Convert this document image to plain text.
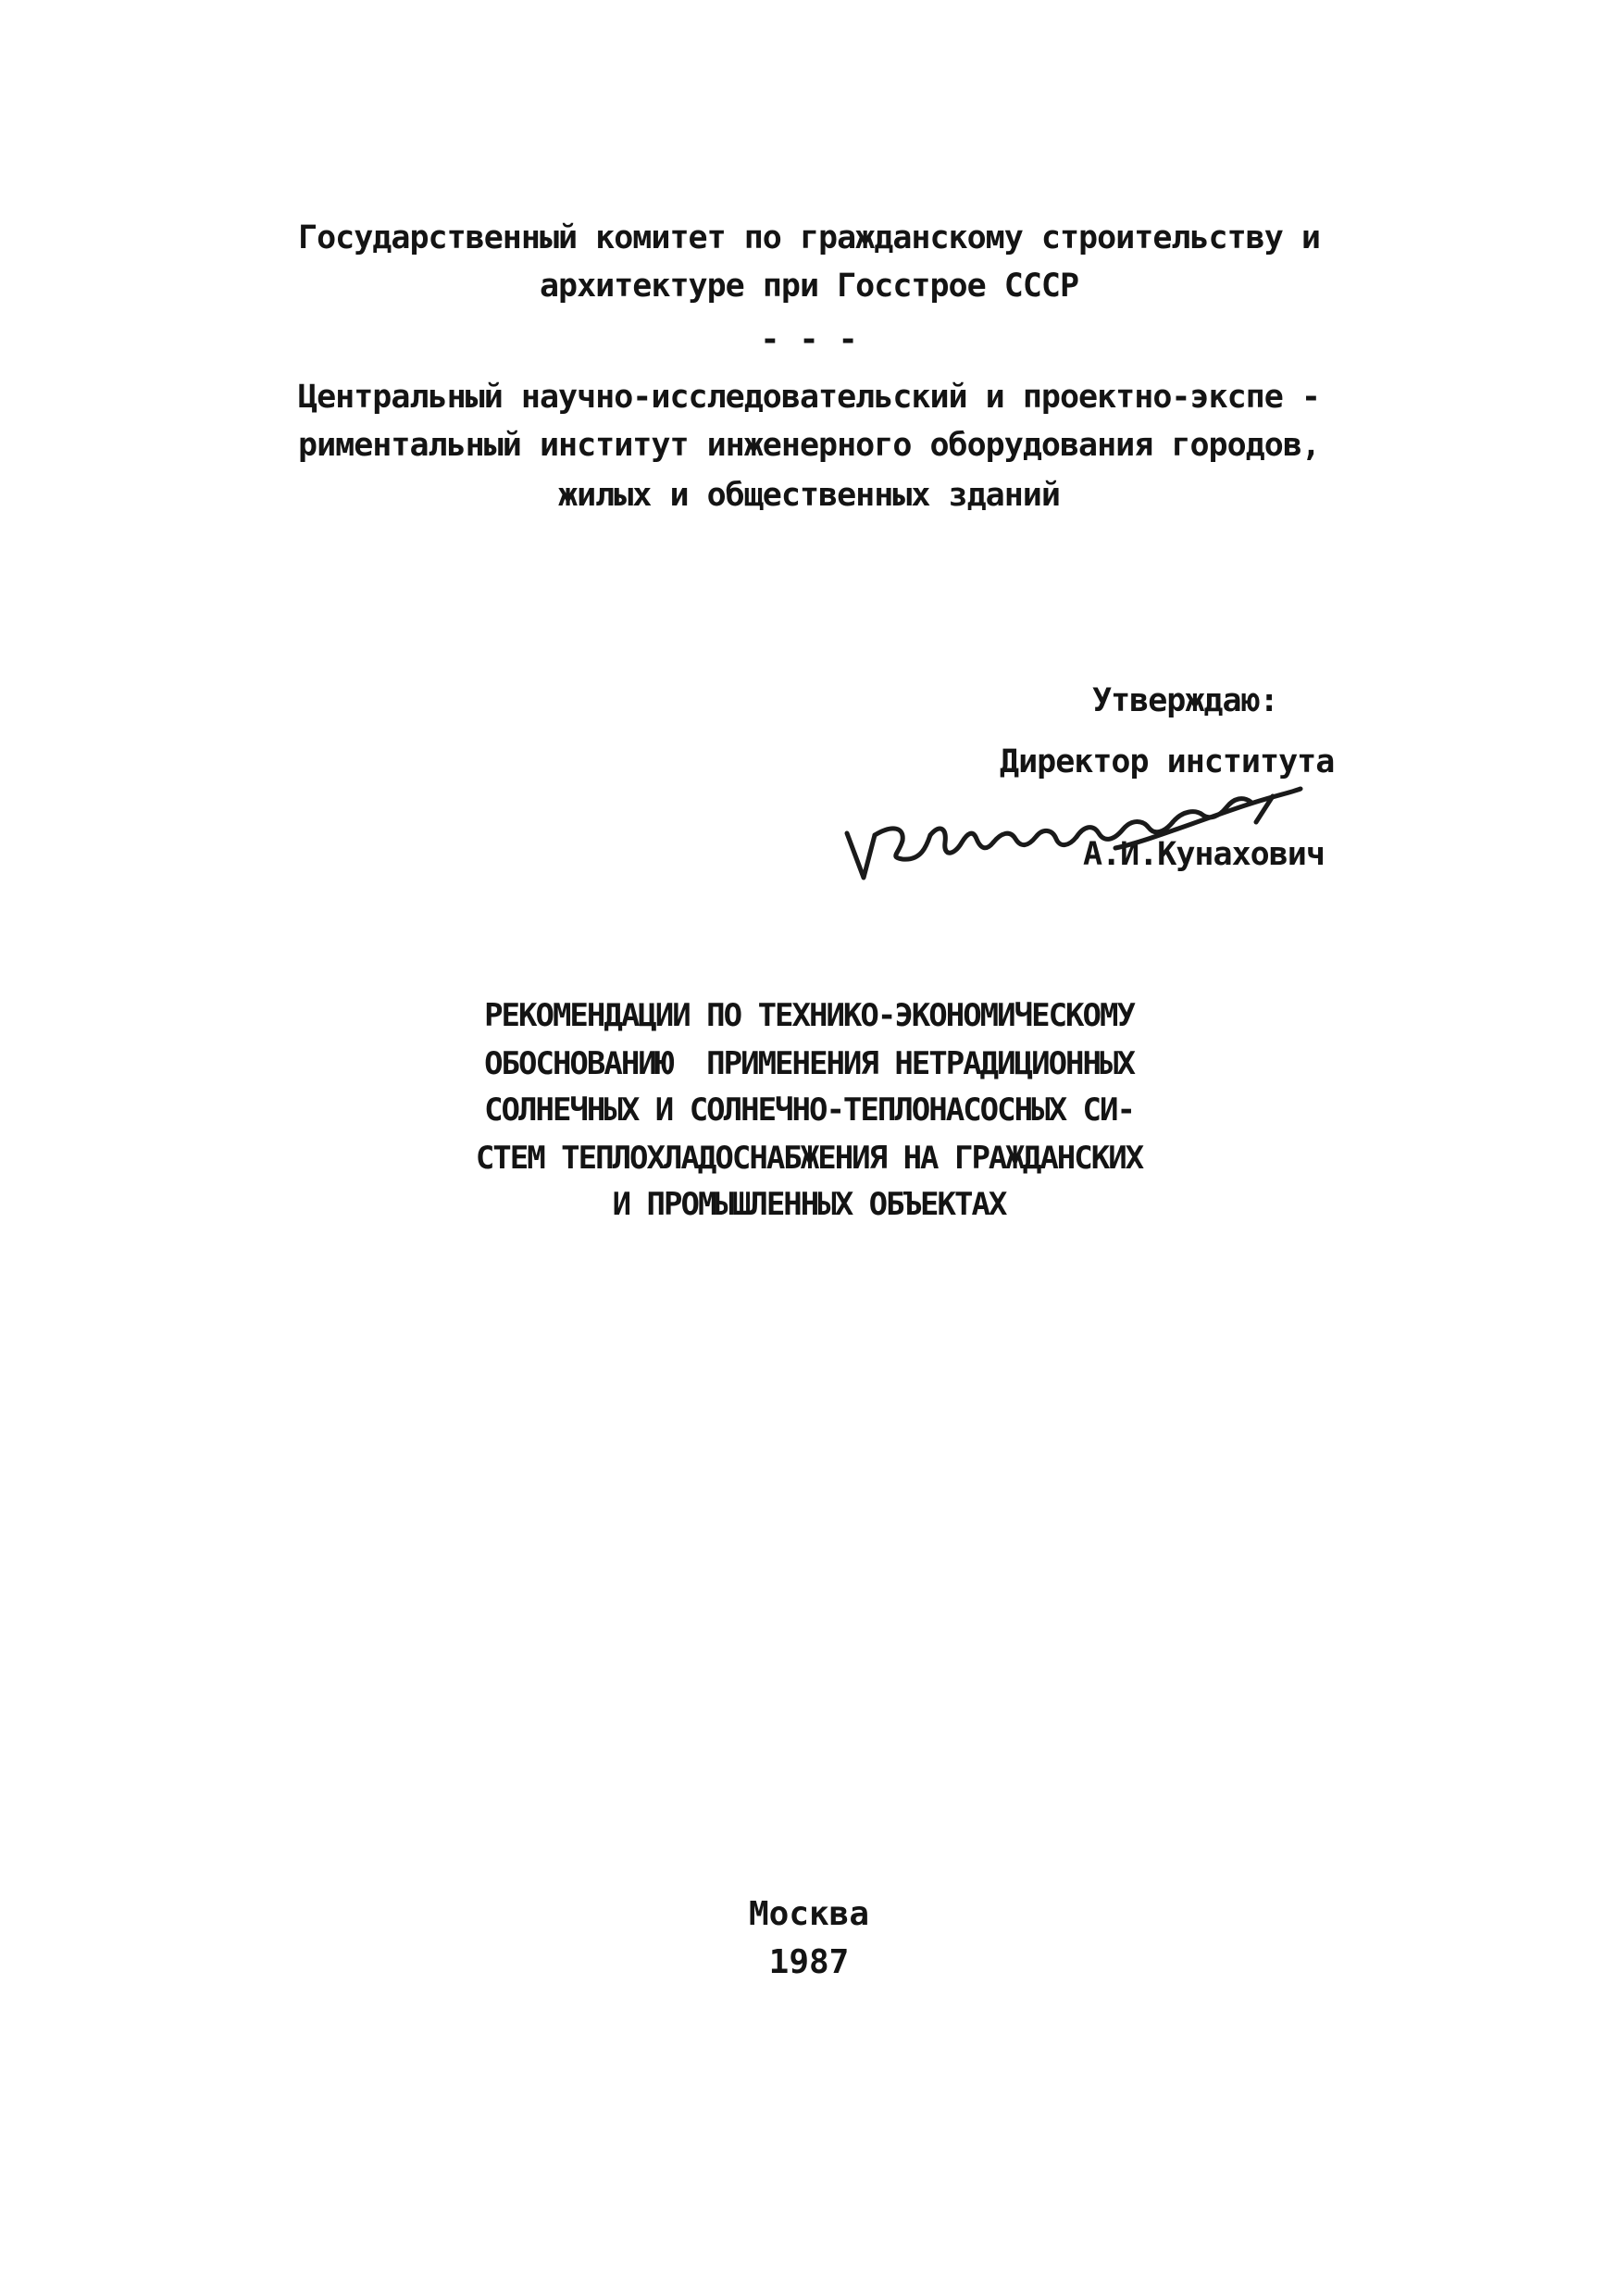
Государственный комитет по гражданскому строительству и
архитектуре при Госстрое СССР
- - -
Центральный научно-исследовательский и проектно-экспе -
риментальный институт инженерного оборудования городов,
жилых и общественных зданий
Утверждаю:
Директор института
А.И.Кунахович
РЕКОМЕНДАЦИИ ПО ТЕХНИКО-ЭКОНОМИЧЕСКОМУ
ОБОСНОВАНИЮ  ПРИМЕНЕНИЯ НЕТРАДИЦИОННЫХ
СОЛНЕЧНЫХ И СОЛНЕЧНО-ТЕПЛОНАСОСНЫХ СИ-
СТЕМ ТЕПЛОХЛАДОСНАБЖЕНИЯ НА ГРАЖДАНСКИХ
И ПРОМЫШЛЕННЫХ ОБЪЕКТАХ
Москва
1987
